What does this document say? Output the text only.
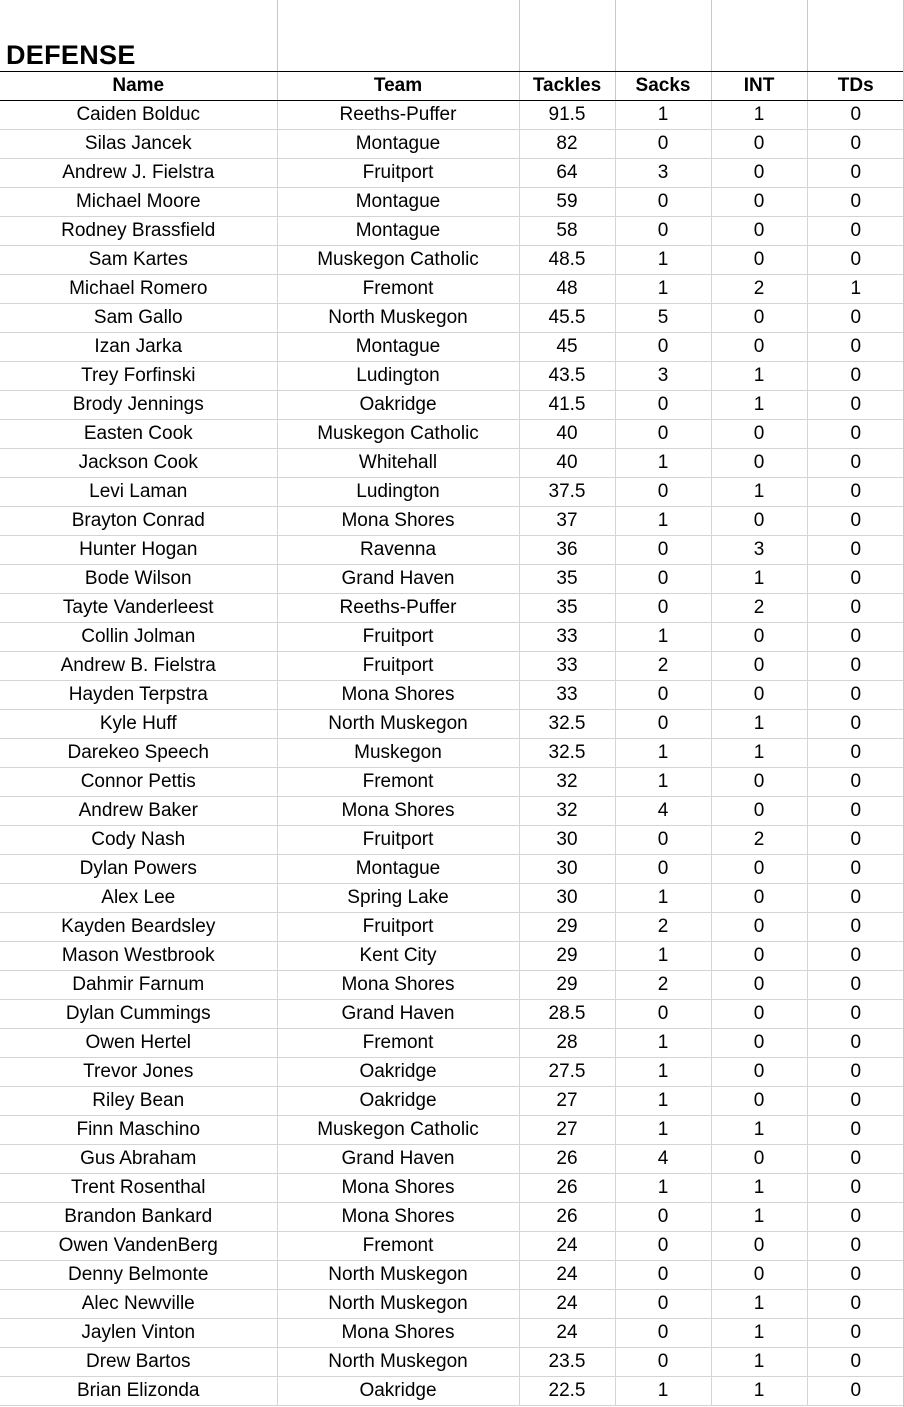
DEFENSE					
Name	Team	Tackles	Sacks	INT	TDs
Caiden Bolduc	Reeths-Puffer	91.5	1	1	0
Silas Jancek	Montague	82	0	0	0
Andrew J. Fielstra	Fruitport	64	3	0	0
Michael Moore	Montague	59	0	0	0
Rodney Brassfield	Montague	58	0	0	0
Sam Kartes	Muskegon Catholic	48.5	1	0	0
Michael Romero	Fremont	48	1	2	1
Sam Gallo	North Muskegon	45.5	5	0	0
Izan Jarka	Montague	45	0	0	0
Trey Forfinski	Ludington	43.5	3	1	0
Brody Jennings	Oakridge	41.5	0	1	0
Easten Cook	Muskegon Catholic	40	0	0	0
Jackson Cook	Whitehall	40	1	0	0
Levi Laman	Ludington	37.5	0	1	0
Brayton Conrad	Mona Shores	37	1	0	0
Hunter Hogan	Ravenna	36	0	3	0
Bode Wilson	Grand Haven	35	0	1	0
Tayte Vanderleest	Reeths-Puffer	35	0	2	0
Collin Jolman	Fruitport	33	1	0	0
Andrew B. Fielstra	Fruitport	33	2	0	0
Hayden Terpstra	Mona Shores	33	0	0	0
Kyle Huff	North Muskegon	32.5	0	1	0
Darekeo Speech	Muskegon	32.5	1	1	0
Connor Pettis	Fremont	32	1	0	0
Andrew Baker	Mona Shores	32	4	0	0
Cody Nash	Fruitport	30	0	2	0
Dylan Powers	Montague	30	0	0	0
Alex Lee	Spring Lake	30	1	0	0
Kayden Beardsley	Fruitport	29	2	0	0
Mason Westbrook	Kent City	29	1	0	0
Dahmir Farnum	Mona Shores	29	2	0	0
Dylan Cummings	Grand Haven	28.5	0	0	0
Owen Hertel	Fremont	28	1	0	0
Trevor Jones	Oakridge	27.5	1	0	0
Riley Bean	Oakridge	27	1	0	0
Finn Maschino	Muskegon Catholic	27	1	1	0
Gus Abraham	Grand Haven	26	4	0	0
Trent Rosenthal	Mona Shores	26	1	1	0
Brandon Bankard	Mona Shores	26	0	1	0
Owen VandenBerg	Fremont	24	0	0	0
Denny Belmonte	North Muskegon	24	0	0	0
Alec Newville	North Muskegon	24	0	1	0
Jaylen Vinton	Mona Shores	24	0	1	0
Drew Bartos	North Muskegon	23.5	0	1	0
Brian Elizonda	Oakridge	22.5	1	1	0
